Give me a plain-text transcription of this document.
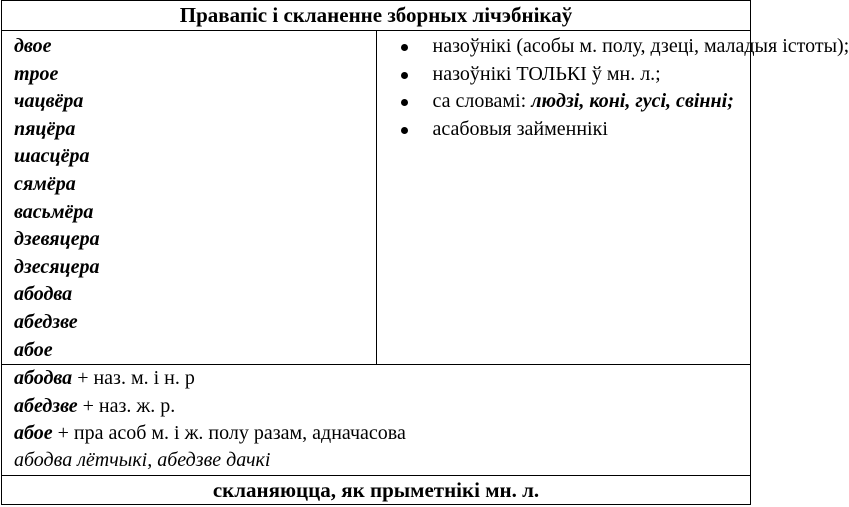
Правапіс і скланенне зборных лічэбнікаў

двое
трое
чацвёра
пяцёра
шасцёра
сямёра
васьмёра
дзевяцера
дзесяцера
абодва
абедзве
абое

назоўнікі (асобы м. полу, дзеці, маладыя істоты);
назоўнікі ТОЛЬКІ ў мн. л.;
са словамі: людзі, коні, гусі, свінні;
асабовыя займеннікі

абодва + наз. м. і н. р
абедзве + наз. ж. р.
абое + пра асоб м. і ж. полу разам, адначасова
абодва лётчыкі, абедзве дачкі

скланяюцца, як прыметнікі мн. л.
